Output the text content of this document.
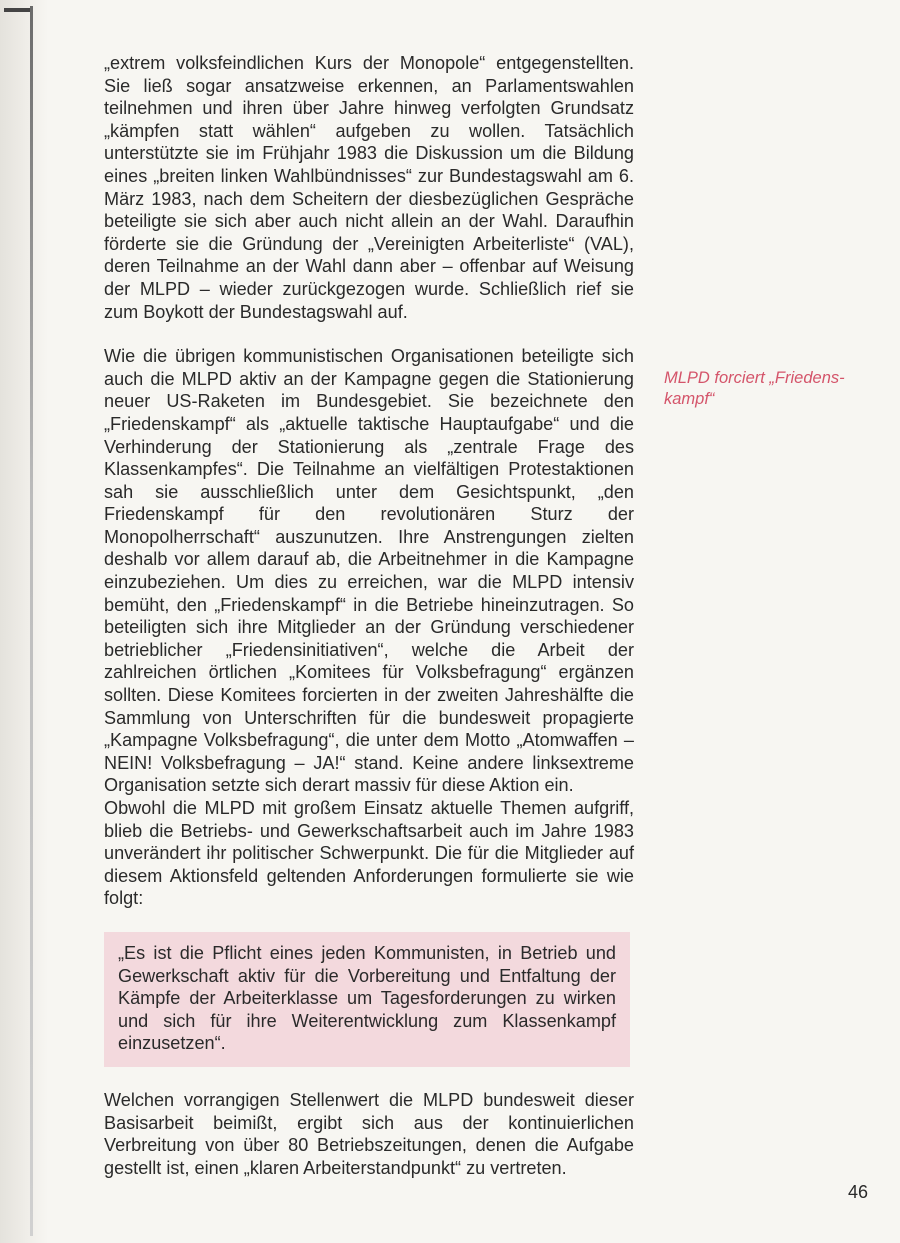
„extrem volksfeindlichen Kurs der Monopole“ entgegenstellten. Sie ließ sogar ansatzweise erkennen, an Parlamentswahlen teilnehmen und ihren über Jahre hinweg verfolgten Grundsatz „kämpfen statt wählen“ aufgeben zu wollen. Tatsächlich unterstützte sie im Frühjahr 1983 die Diskussion um die Bildung eines „breiten linken Wahlbündnisses“ zur Bundestagswahl am 6. März 1983, nach dem Scheitern der diesbezüglichen Gespräche beteiligte sie sich aber auch nicht allein an der Wahl. Daraufhin förderte sie die Gründung der „Vereinigten Arbeiterliste“ (VAL), deren Teilnahme an der Wahl dann aber – offenbar auf Weisung der MLPD – wieder zurückgezogen wurde. Schließlich rief sie zum Boykott der Bundestagswahl auf.

Wie die übrigen kommunistischen Organisationen beteiligte sich auch die MLPD aktiv an der Kampagne gegen die Stationierung neuer US-Raketen im Bundesgebiet. Sie bezeichnete den „Friedenskampf“ als „aktuelle taktische Hauptaufgabe“ und die Verhinderung der Stationierung als „zentrale Frage des Klassenkampfes“. Die Teilnahme an vielfältigen Protestaktionen sah sie ausschließlich unter dem Gesichtspunkt, „den Friedenskampf für den revolutionären Sturz der Monopolherrschaft“ auszunutzen. Ihre Anstrengungen zielten deshalb vor allem darauf ab, die Arbeitnehmer in die Kampagne einzubeziehen. Um dies zu erreichen, war die MLPD intensiv bemüht, den „Friedenskampf“ in die Betriebe hineinzutragen. So beteiligten sich ihre Mitglieder an der Gründung verschiedener betrieblicher „Friedensinitiativen“, welche die Arbeit der zahlreichen örtlichen „Komitees für Volksbefragung“ ergänzen sollten. Diese Komitees forcierten in der zweiten Jahreshälfte die Sammlung von Unterschriften für die bundesweit propagierte „Kampagne Volksbefragung“, die unter dem Motto „Atomwaffen – NEIN! Volksbefragung – JA!“ stand. Keine andere linksextreme Organisation setzte sich derart massiv für diese Aktion ein.

Obwohl die MLPD mit großem Einsatz aktuelle Themen aufgriff, blieb die Betriebs- und Gewerkschaftsarbeit auch im Jahre 1983 unverändert ihr politischer Schwerpunkt. Die für die Mitglieder auf diesem Aktionsfeld geltenden Anforderungen formulierte sie wie folgt:

„Es ist die Pflicht eines jeden Kommunisten, in Betrieb und Gewerkschaft aktiv für die Vorbereitung und Entfaltung der Kämpfe der Arbeiterklasse um Tagesforderungen zu wirken und sich für ihre Weiterentwicklung zum Klassenkampf einzusetzen“.

Welchen vorrangigen Stellenwert die MLPD bundesweit dieser Basisarbeit beimißt, ergibt sich aus der kontinuierlichen Verbreitung von über 80 Betriebszeitungen, denen die Aufgabe gestellt ist, einen „klaren Arbeiterstandpunkt“ zu vertreten.

MLPD forciert „Friedenskampf“
46
